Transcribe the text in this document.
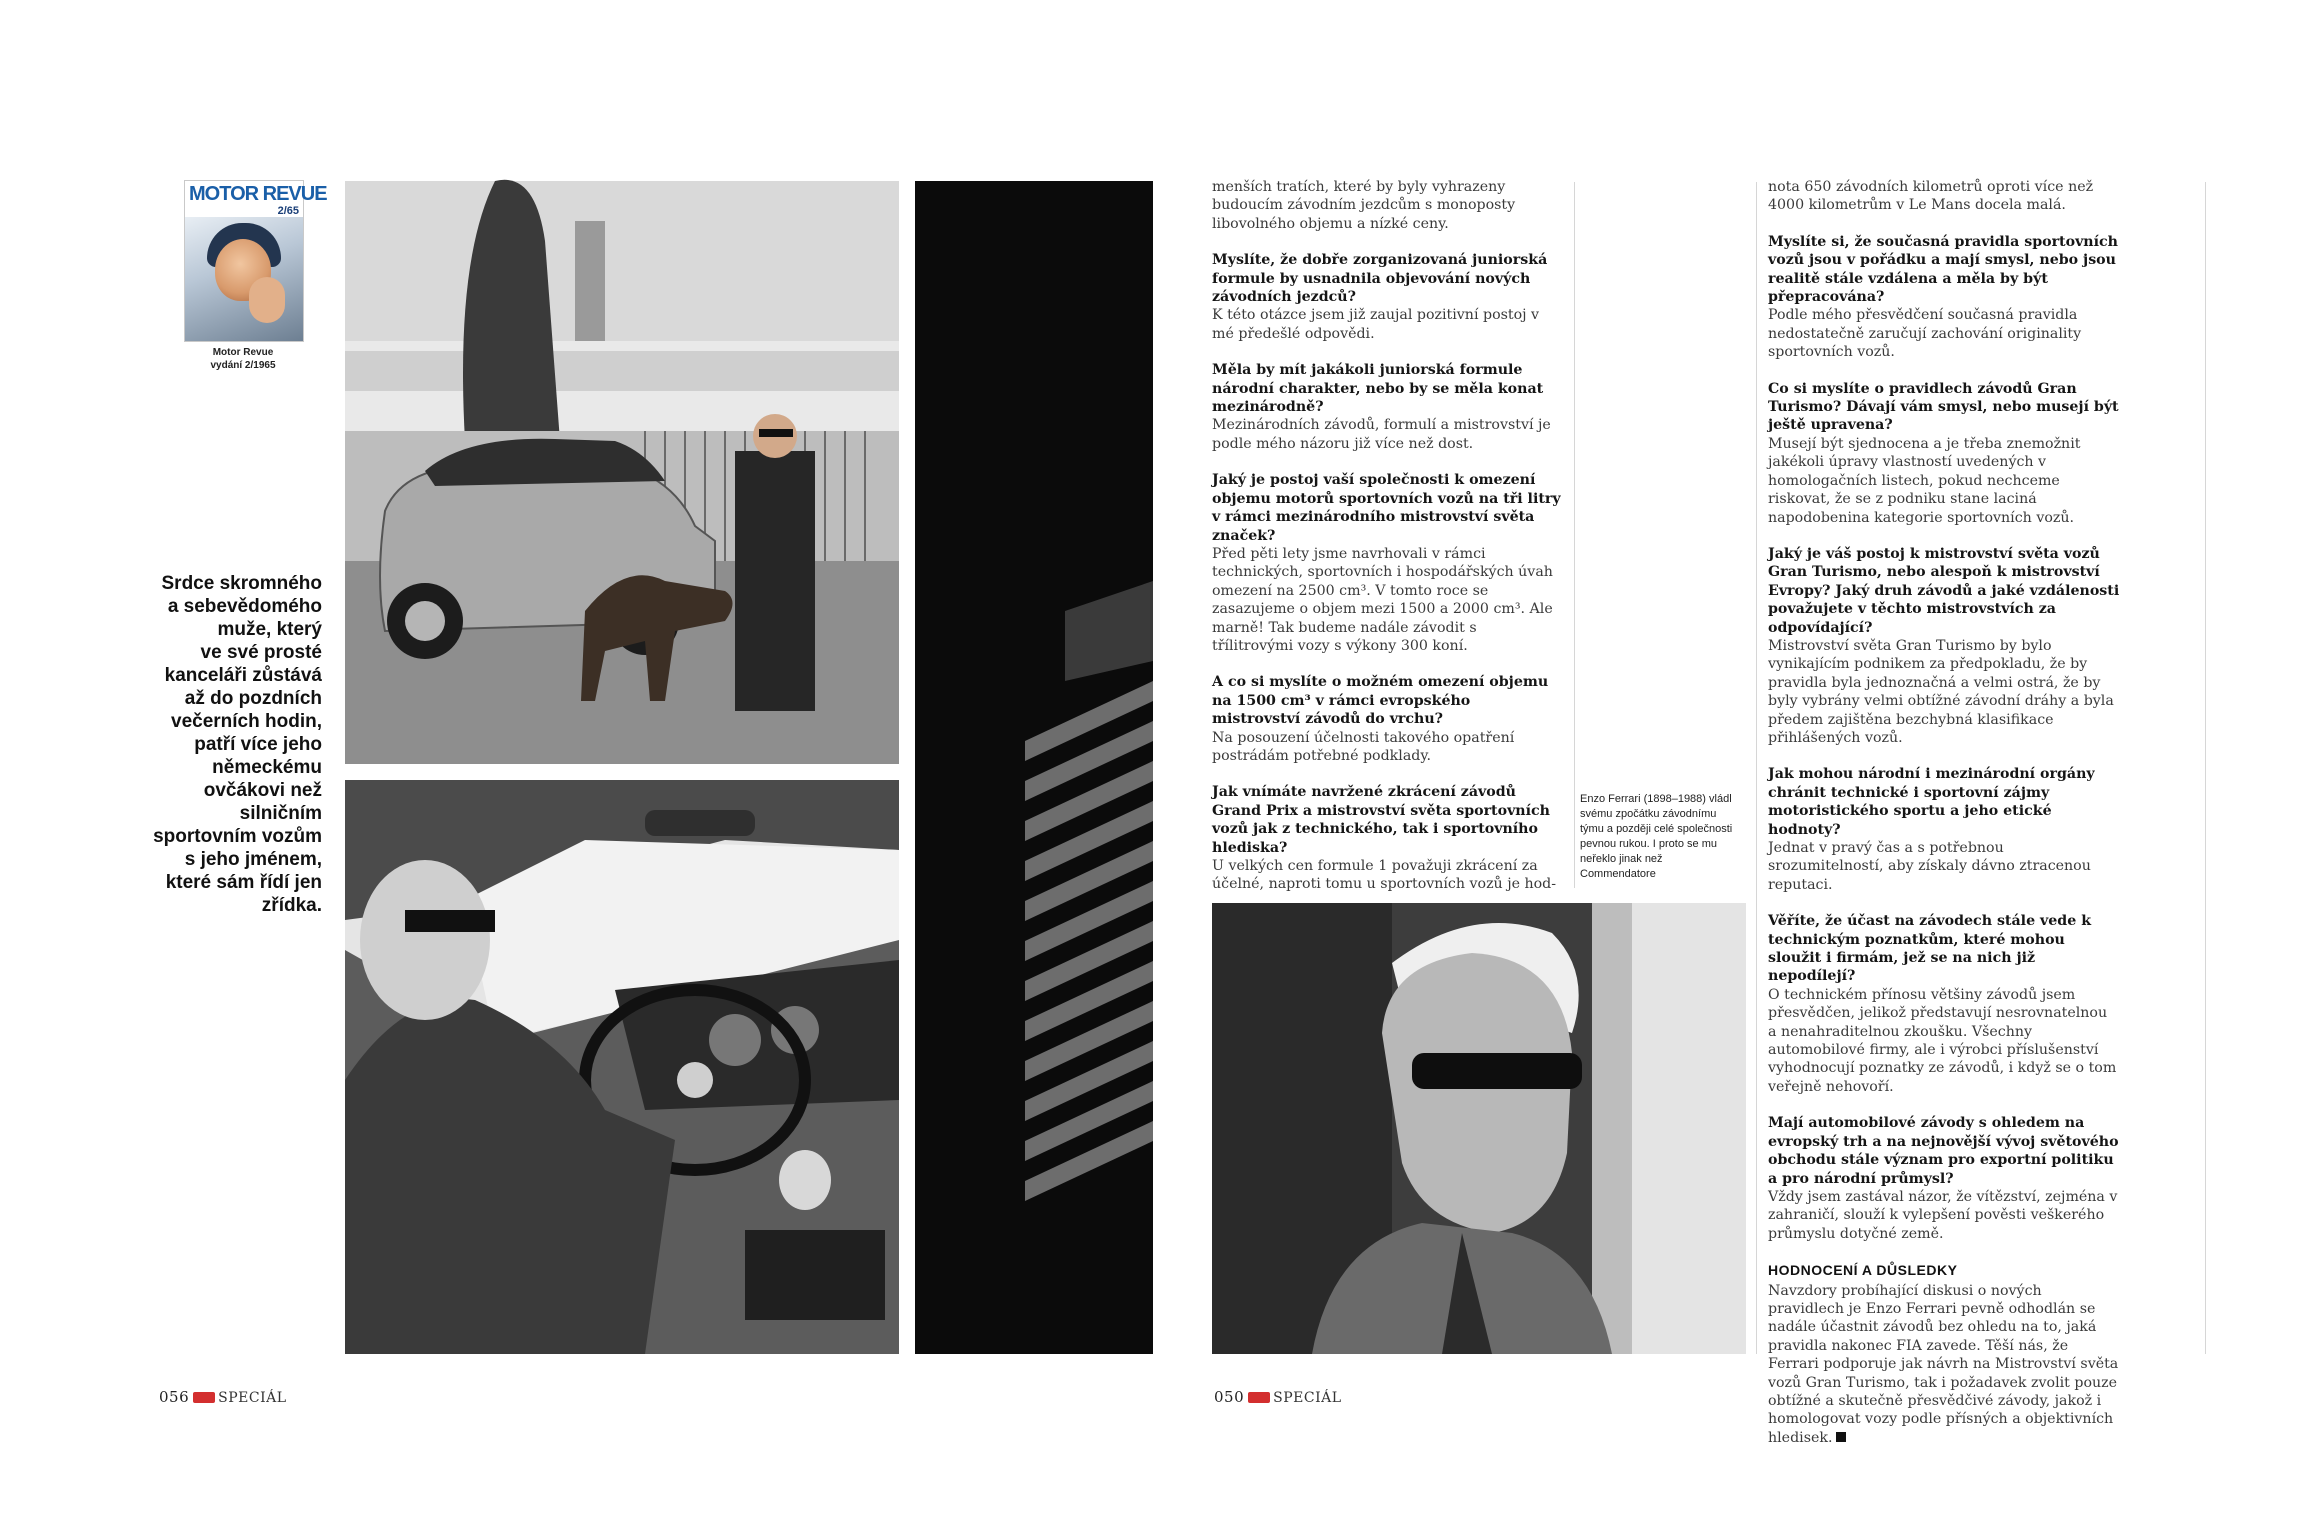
MOTOR REVUE
2/65
Motor Revue
vydání 2/1965
Srdce skromného
a sebevědomého
muže, který
ve své prosté
kanceláři zůstává
až do pozdních
večerních hodin,
patří více jeho
německému
ovčákovi než
silničním
sportovním vozům
s jeho jménem,
které sám řídí jen
zřídka.
056 SPECIÁL
menších tratích, které by byly vyhrazeny budoucím závodním jezdcům s monoposty libovolného objemu a nízké ceny.
Myslíte, že dobře zorganizovaná juniorská formule by usnadnila objevování nových závodních jezdců?
K této otázce jsem již zaujal pozitivní postoj v mé předešlé odpovědi.
Měla by mít jakákoli juniorská formule národní charakter, nebo by se měla konat mezinárodně?
Mezinárodních závodů, formulí a mistrovství je podle mého názoru již více než dost.
Jaký je postoj vaší společnosti k omezení objemu motorů sportovních vozů na tři litry v rámci mezinárodního mistrovství světa značek?
Před pěti lety jsme navrhovali v rámci technických, sportovních i hospodářských úvah omezení na 2500 cm³. V tomto roce se zasazujeme o objem mezi 1500 a 2000 cm³. Ale marně! Tak budeme nadále závodit s třílitrovými vozy s výkony 300 koní.
A co si myslíte o možném omezení objemu na 1500 cm³ v rámci evropského mistrovství závodů do vrchu?
Na posouzení účelnosti takového opatření postrádám potřebné podklady.
Jak vnímáte navržené zkrácení závodů Grand Prix a mistrovství světa sportovních vozů jak z technického, tak i sportovního hlediska?
U velkých cen formule 1 považuji zkrácení za účelné, naproti tomu u sportovních vozů je hod-
Enzo Ferrari (1898–1988) vládl svému zpočátku závodnímu týmu a později celé společnosti pevnou rukou. I proto se mu neřeklo jinak než Commendatore
nota 650 závodních kilometrů oproti více než 4000 kilometrům v Le Mans docela malá.
Myslíte si, že současná pravidla sportovních vozů jsou v pořádku a mají smysl, nebo jsou realitě stále vzdálena a měla by být přepracována?
Podle mého přesvědčení současná pravidla nedostatečně zaručují zachování originality sportovních vozů.
Co si myslíte o pravidlech závodů Gran Turismo? Dávají vám smysl, nebo musejí být ještě upravena?
Musejí být sjednocena a je třeba znemožnit jakékoli úpravy vlastností uvedených v homologačních listech, pokud nechceme riskovat, že se z podniku stane laciná napodobenina kategorie sportovních vozů.
Jaký je váš postoj k mistrovství světa vozů Gran Turismo, nebo alespoň k mistrovství Evropy? Jaký druh závodů a jaké vzdálenosti považujete v těchto mistrovstvích za odpovídající?
Mistrovství světa Gran Turismo by bylo vynikajícím podnikem za předpokladu, že by pravidla byla jednoznačná a velmi ostrá, že by byly vybrány velmi obtížné závodní dráhy a byla předem zajištěna bezchybná klasifikace přihlášených vozů.
Jak mohou národní i mezinárodní orgány chránit technické i sportovní zájmy motoristického sportu a jeho etické hodnoty?
Jednat v pravý čas a s potřebnou srozumitelností, aby získaly dávno ztracenou reputaci.
Věříte, že účast na závodech stále vede k technickým poznatkům, které mohou sloužit i firmám, jež se na nich již nepodílejí?
O technickém přínosu většiny závodů jsem přesvědčen, jelikož představují nesrovnatelnou a nenahraditelnou zkoušku. Všechny automobilové firmy, ale i výrobci příslušenství vyhodnocují poznatky ze závodů, i když se o tom veřejně nehovoří.
Mají automobilové závody s ohledem na evropský trh a na nejnovější vývoj světového obchodu stále význam pro exportní politiku a pro národní průmysl?
Vždy jsem zastával názor, že vítězství, zejména v zahraničí, slouží k vylepšení pověsti veškerého průmyslu dotyčné země.
HODNOCENÍ A DŮSLEDKY
Navzdory probíhající diskusi o nových pravidlech je Enzo Ferrari pevně odhodlán se nadále účastnit závodů bez ohledu na to, jaká pravidla nakonec FIA zavede. Těší nás, že Ferrari podporuje jak návrh na Mistrovství světa vozů Gran Turismo, tak i požadavek zvolit pouze obtížné a skutečně přesvědčivé závody, jakož i homologovat vozy podle přísných a objektivních hledisek.
050 SPECIÁL
